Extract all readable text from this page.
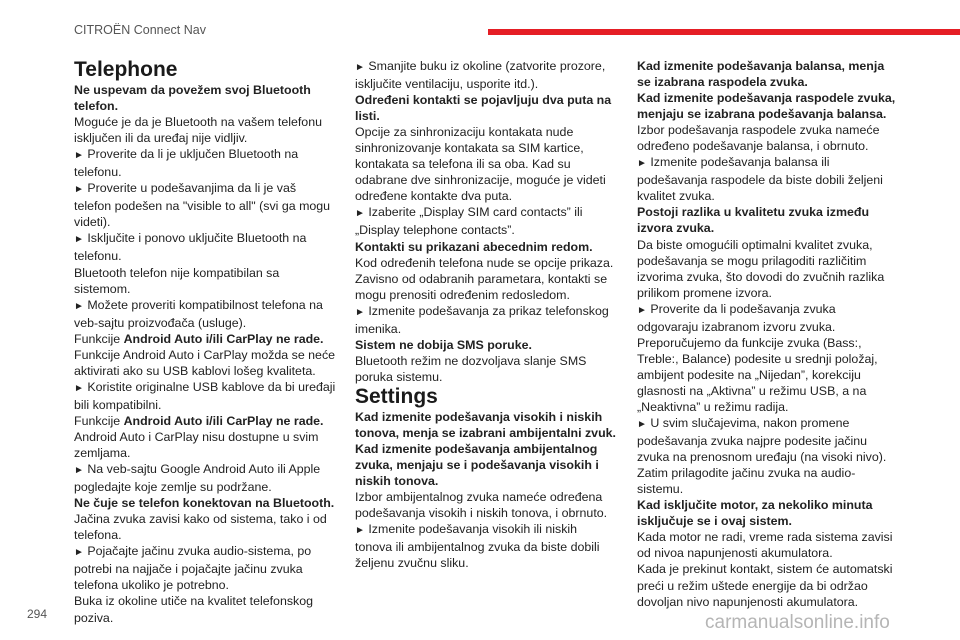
CITROËN Connect Nav

Telephone

Ne uspevam da povežem svoj Bluetooth telefon.

Moguće je da je Bluetooth na vašem telefonu isključen ili da uređaj nije vidljiv.

► Proverite da li je uključen Bluetooth na telefonu.

► Proverite u podešavanjima da li je vaš telefon podešen na "visible to all" (svi ga mogu videti).

► Isključite i ponovo uključite Bluetooth na telefonu.

Bluetooth telefon nije kompatibilan sa sistemom.

► Možete proveriti kompatibilnost telefona na veb-sajtu proizvođača (usluge).

Funkcije Android Auto i/ili CarPlay ne rade.

Funkcije Android Auto i CarPlay možda se neće aktivirati ako su USB kablovi lošeg kvaliteta.

► Koristite originalne USB kablove da bi uređaji bili kompatibilni.

Funkcije Android Auto i/ili CarPlay ne rade.

Android Auto i CarPlay nisu dostupne u svim zemljama.

► Na veb-sajtu Google Android Auto ili Apple pogledajte koje zemlje su podržane.

Ne čuje se telefon konektovan na Bluetooth.

Jačina zvuka zavisi kako od sistema, tako i od telefona.

► Pojačajte jačinu zvuka audio-sistema, po potrebi na najjače i pojačajte jačinu zvuka telefona ukoliko je potrebno.

Buka iz okoline utiče na kvalitet telefonskog poziva.

► Smanjite buku iz okoline (zatvorite prozore, isključite ventilaciju, usporite itd.).

Određeni kontakti se pojavljuju dva puta na listi.

Opcije za sinhronizaciju kontakata nude sinhronizovanje kontakata sa SIM kartice, kontakata sa telefona ili sa oba. Kad su odabrane dve sinhronizacije, moguće je videti određene kontakte dva puta.

► Izaberite „Display SIM card contacts” ili „Display telephone contacts”.

Kontakti su prikazani abecednim redom.

Kod određenih telefona nude se opcije prikaza. Zavisno od odabranih parametara, kontakti se mogu prenositi određenim redosledom.

► Izmenite podešavanja za prikaz telefonskog imenika.

Sistem ne dobija SMS poruke.

Bluetooth režim ne dozvoljava slanje SMS poruka sistemu.

Settings

Kad izmenite podešavanja visokih i niskih tonova, menja se izabrani ambijentalni zvuk.

Kad izmenite podešavanja ambijentalnog zvuka, menjaju se i podešavanja visokih i niskih tonova.

Izbor ambijentalnog zvuka nameće određena podešavanja visokih i niskih tonova, i obrnuto.

► Izmenite podešavanja visokih ili niskih tonova ili ambijentalnog zvuka da biste dobili željenu zvučnu sliku.

Kad izmenite podešavanja balansa, menja se izabrana raspodela zvuka.

Kad izmenite podešavanja raspodele zvuka, menjaju se izabrana podešavanja balansa.

Izbor podešavanja raspodele zvuka nameće određeno podešavanje balansa, i obrnuto.

► Izmenite podešavanja balansa ili podešavanja raspodele da biste dobili željeni kvalitet zvuka.

Postoji razlika u kvalitetu zvuka između izvora zvuka.

Da biste omogućili optimalni kvalitet zvuka, podešavanja se mogu prilagoditi različitim izvorima zvuka, što dovodi do zvučnih razlika prilikom promene izvora.

► Proverite da li podešavanja zvuka odgovaraju izabranom izvoru zvuka. Preporučujemo da funkcije zvuka (Bass:, Treble:, Balance) podesite u srednji položaj, ambijent podesite na „Nijedan”, korekciju glasnosti na „Aktivna” u režimu USB, a na „Neaktivna” u režimu radija.

► U svim slučajevima, nakon promene podešavanja zvuka najpre podesite jačinu zvuka na prenosnom uređaju (na visoki nivo). Zatim prilagodite jačinu zvuka na audio-sistemu.

Kad isključite motor, za nekoliko minuta isključuje se i ovaj sistem.

Kada motor ne radi, vreme rada sistema zavisi od nivoa napunjenosti akumulatora.

Kada je prekinut kontakt, sistem će automatski preći u režim uštede energije da bi održao dovoljan nivo napunjenosti akumulatora.

294	carmanualsonline.info
